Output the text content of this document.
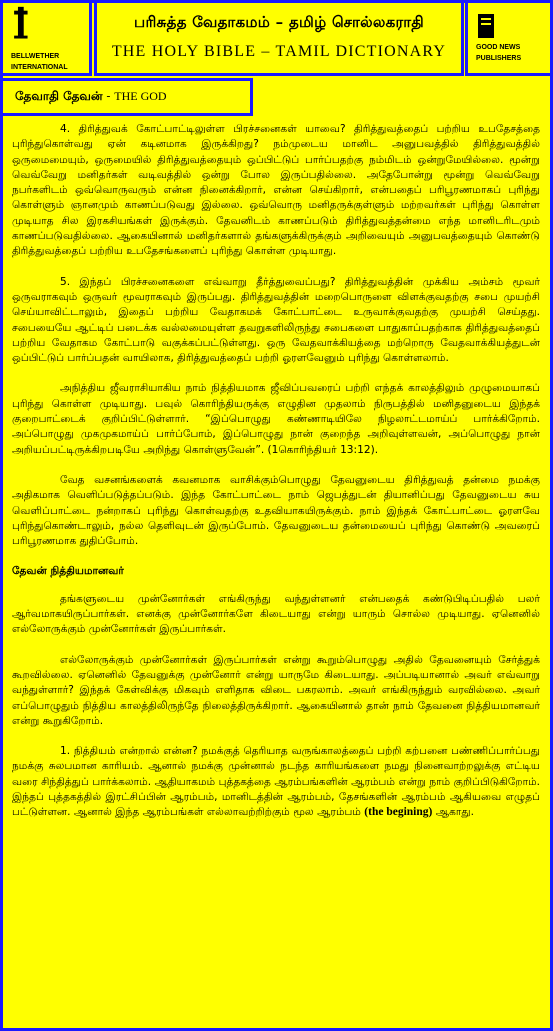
BELLWETHER
INTERNATIONAL
பரிசுத்த வேதாகமம் – தமிழ் சொல்லகராதி
THE HOLY BIBLE – TAMIL DICTIONARY	GOOD NEWS
PUBLISHERS
தேவாதி தேவன் - THE GOD

4. திரித்துவக் கோட்பாட்டிலுள்ள பிரச்சனைகள் யாவை? திரித்துவத்தைப் பற்றிய உபதேசத்தை புரிந்துகொள்வது ஏன் கடினமாக இருக்கிறது? நம்முடைய மானிட அனுபவத்தில் திரித்துவத்தில் ஒருமைமையும், ஒருமையில் திரித்துவத்தையும் ஒப்பிட்டுப் பார்ப்பதற்கு நம்மிடம் ஒன்றுமேயில்லை. மூன்று வெவ்வேறு மனிதர்கள் வடிவத்தில் ஒன்று போல இருப்பதில்லை. அதேபோன்று மூன்று வெவ்வேறு நபர்களிடம் ஒவ்வொருவரும் என்ன நினைக்கிறார், என்ன செய்கிறார், என்பதைப் பரிபூரணமாகப் புரிந்து கொள்ளும் ஞானமும் காணப்படுவது இல்லை. ஒவ்வொரு மனிதருக்குள்ளும் மற்றவர்கள் புரிந்து கொள்ள முடியாத சில இரகசியங்கள் இருக்கும். தேவனிடம் காணப்படும் திரித்துவத்தன்மை எந்த மானிடரிடமும் காணப்படுவதில்லை. ஆகையினால் மனிதர்களால் தங்களுக்கிருக்கும் அறிவையும் அனுபவத்தையும் கொண்டு திரித்துவத்தைப் பற்றிய உபதேசங்களைப் புரிந்து கொள்ள முடியாது.

5. இந்தப் பிரச்சனைகளை எவ்வாறு தீர்த்துவைப்பது? திரித்துவத்தின் முக்கிய அம்சம் மூவர் ஒருவராகவும் ஒருவர் மூவராகவும் இருப்பது. திரித்துவத்தின் மறைபொருளை விளக்குவதற்கு சபை முயற்சி செய்யாவிட்டாலும், இதைப் பற்றிய வேதாகமக் கோட்பாட்டை உருவாக்குவதற்கு முயற்சி செய்தது. சபையையே ஆட்டிப் படைக்க வல்லமையுள்ள தவறுகளிலிருந்து சபைகளை பாதுகாப்பதற்காக திரித்துவத்தைப் பற்றிய வேதாகம கோட்பாடு வகுக்கப்பட்டுள்ளது. ஒரு வேதவாக்கியத்தை மற்றொரு வேதவாக்கியத்துடன் ஒப்பிட்டுப் பார்ப்பதன் வாயிலாக, திரித்துவத்தைப் பற்றி ஓரளவேனும் புரிந்து கொள்ளலாம்.

அநித்திய ஜீவராசியாகிய நாம் நித்தியமாக ஜீவிப்பவரைப் பற்றி எந்தக் காலத்திலும் முழுமையாகப் புரிந்து கொள்ள முடியாது. பவுல் கொரிந்தியருக்கு எழுதின முதலாம் நிருபத்தில் மனிதனுடைய இந்தக் குறைபாட்டைக் குறிப்பிட்டுள்ளார். “இப்பொழுது கண்ணாடியிலே நிழலாட்டமாய்ப் பார்க்கிறோம். அப்பொழுது முகமுகமாய்ப் பார்ப்போம், இப்பொழுது நான் குறைந்த அறிவுள்ளவன், அப்பொழுது நான் அறியப்பட்டிருக்கிறபடியே அறிந்து கொள்ளுவேன்”. (1கொரிந்தியர் 13:12).

வேத வசனங்களைக் கவனமாக வாசிக்கும்பொழுது தேவனுடைய திரித்துவத் தன்மை நமக்கு அதிகமாக வெளிப்படுத்தப்படும். இந்த கோட்பாட்டை நாம் ஜெபத்துடன் தியானிப்பது தேவனுடைய சுய வெளிப்பாட்டை நன்றாகப் புரிந்து கொள்வதற்கு உதவியாகயிருக்கும். நாம் இந்தக் கோட்பாட்டை ஓரளவே புரிந்துகொண்டாலும், நல்ல தெளிவுடன் இருப்போம். தேவனுடைய தன்மையைப் புரிந்து கொண்டு அவரைப் பரிபூரணமாக துதிப்போம்.

தேவன் நித்தியமானவர்

தங்களுடைய முன்னோர்கள் எங்கிருந்து வந்துள்ளனர் என்பதைக் கண்டுபிடிப்பதில் பலர் ஆர்வமாகயிருப்பார்கள். எனக்கு முன்னோர்களே கிடையாது என்று யாரும் சொல்ல முடியாது. ஏனெனில் எல்லோருக்கும் முன்னோர்கள் இருப்பார்கள்.

எல்லோருக்கும் முன்னோர்கள் இருப்பார்கள் என்று கூறும்பொழுது அதில் தேவனையும் சேர்த்துக் கூறவில்லை. ஏனெனில் தேவனுக்கு முன்னோர் என்று யாருமே கிடையாது. அப்படியானால் அவர் எவ்வாறு வந்துள்ளார்? இந்தக் கேள்விக்கு மிகவும் எளிதாக விடை பகரலாம். அவர் எங்கிருந்தும் வரவில்லை. அவர் எப்பொழுதும் நித்திய காலத்திலிருந்தே நிலைத்திருக்கிறார். ஆகையினால் தான் நாம் தேவனை நித்தியமானவர் என்று கூறுகிறோம்.

1. நித்தியம் என்றால் என்ன? நமக்குத் தெரியாத வருங்காலத்தைப் பற்றி கற்பனை பண்ணிப்பார்ப்பது நமக்கு சுலபமான காரியம். ஆனால் நமக்கு முன்னால் நடந்த காரியங்களை நமது நினைவாற்றலுக்கு எட்டிய வரை சிந்தித்துப் பார்க்கலாம். ஆதியாகமம் புத்தகத்தை ஆரம்பங்களின் ஆரம்பம் என்று நாம் குறிப்பிடுகிறோம். இந்தப் புத்தகத்தில் இரட்சிப்பின் ஆரம்பம், மானிடத்தின் ஆரம்பம், தேசங்களின் ஆரம்பம் ஆகியவை எழுதப் பட்டுள்ளன. ஆனால் இந்த ஆரம்பங்கள் எல்லாவற்றிற்கும் மூல ஆரம்பம் (the begining) ஆகாது.
